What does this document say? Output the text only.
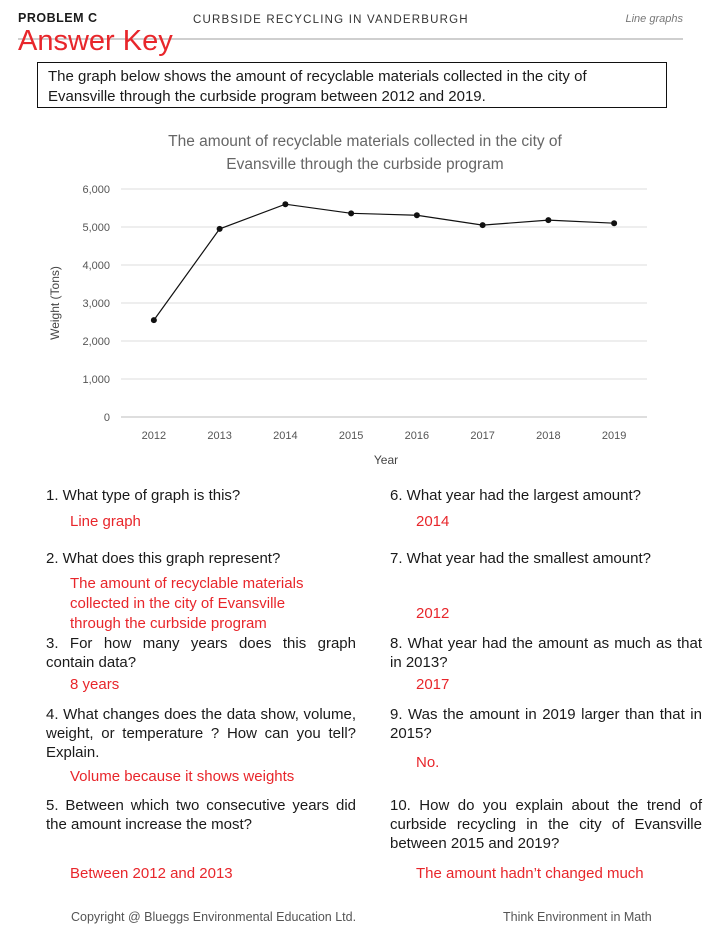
PROBLEM C	CURBSIDE RECYCLING IN VANDERBURGH	Line graphs
Answer Key
The graph below shows the amount of recyclable materials collected in the city of Evansville through the curbside program between 2012 and 2019.
The amount of recyclable materials collected in the city of
Evansville through the curbside program
0
1,000
2,000
3,000
4,000
5,000
6,000
2012	2013	2014	2015	2016	2017	2018	2019
Year
Weight (Tons)
1. What type of graph is this?
Line graph
2. What does this graph represent?
The amount of recyclable materials
collected in the city of Evansville
through the curbside program
3. For how many years does this graph contain data?
8 years
4. What changes does the data show, volume, weight, or temperature ? How can you tell? Explain.
Volume because it shows weights
5. Between which two consecutive years did the amount increase the most?
Between 2012 and 2013
6. What year had the largest amount?
2014
7. What year had the smallest amount?
2012
8. What year had the amount as much as that in 2013?
2017
9. Was the amount in 2019 larger than that in 2015?
No.
10. How do you explain about the trend of curbside recycling in the city of Evansville between 2015 and 2019?
The amount hadn’t changed much
Copyright @ Blueggs Environmental Education Ltd.	Think Environment in Math
